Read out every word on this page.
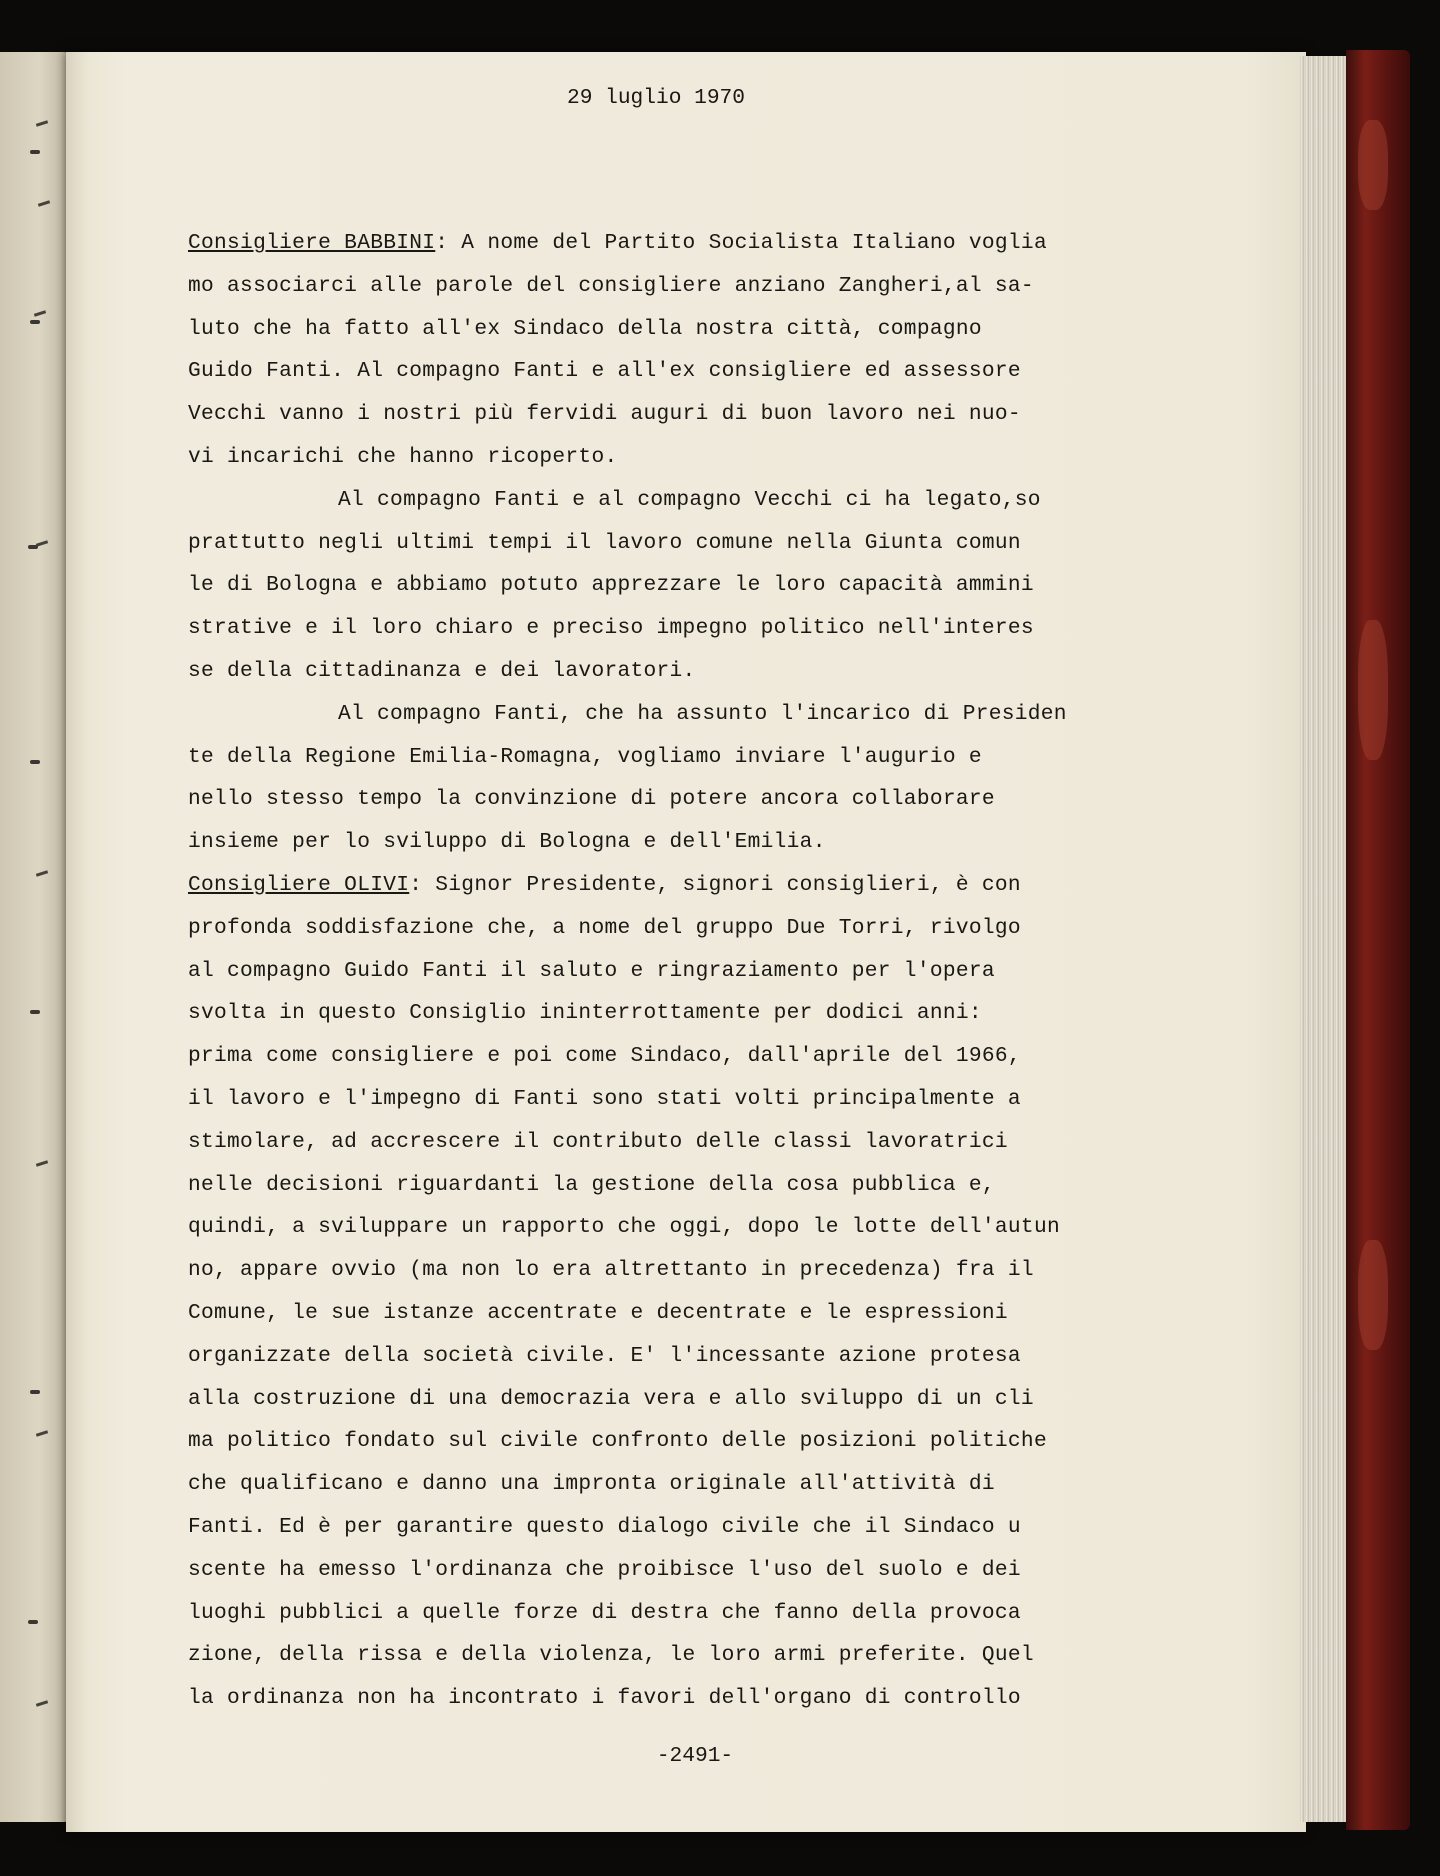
29 luglio 1970
Consigliere BABBINI: A nome del Partito Socialista Italiano voglia
mo associarci alle parole del consigliere anziano Zangheri,al sa-
luto che ha fatto all'ex Sindaco della nostra città, compagno
Guido Fanti. Al compagno Fanti e all'ex consigliere ed assessore
Vecchi vanno i nostri più fervidi auguri di buon lavoro nei nuo-
vi incarichi che hanno ricoperto.
Al compagno Fanti e al compagno Vecchi ci ha legato,so
prattutto negli ultimi tempi il lavoro comune nella Giunta comun
le di Bologna e abbiamo potuto apprezzare le loro capacità ammini
strative e il loro chiaro e preciso impegno politico nell'interes
se della cittadinanza e dei lavoratori.
Al compagno Fanti, che ha assunto l'incarico di Presiden
te della Regione Emilia-Romagna, vogliamo inviare l'augurio e
nello stesso tempo la convinzione di potere ancora collaborare
insieme per lo sviluppo di Bologna e dell'Emilia.
Consigliere OLIVI: Signor Presidente, signori consiglieri, è con
profonda soddisfazione che, a nome del gruppo Due Torri, rivolgo
al compagno Guido Fanti il saluto e ringraziamento per l'opera
svolta in questo Consiglio ininterrottamente per dodici anni:
prima come consigliere e poi come Sindaco, dall'aprile del 1966,
il lavoro e l'impegno di Fanti sono stati volti principalmente a
stimolare, ad accrescere il contributo delle classi lavoratrici
nelle decisioni riguardanti la gestione della cosa pubblica e,
quindi, a sviluppare un rapporto che oggi, dopo le lotte dell'autun
no, appare ovvio (ma non lo era altrettanto in precedenza) fra il
Comune, le sue istanze accentrate e decentrate e le espressioni
organizzate della società civile. E' l'incessante azione protesa
alla costruzione di una democrazia vera e allo sviluppo di un cli
ma politico fondato sul civile confronto delle posizioni politiche
che qualificano e danno una impronta originale all'attività di
Fanti. Ed è per garantire questo dialogo civile che il Sindaco u
scente ha emesso l'ordinanza che proibisce l'uso del suolo e dei
luoghi pubblici a quelle forze di destra che fanno della provoca
zione, della rissa e della violenza, le loro armi preferite. Quel
la ordinanza non ha incontrato i favori dell'organo di controllo
-2491-
